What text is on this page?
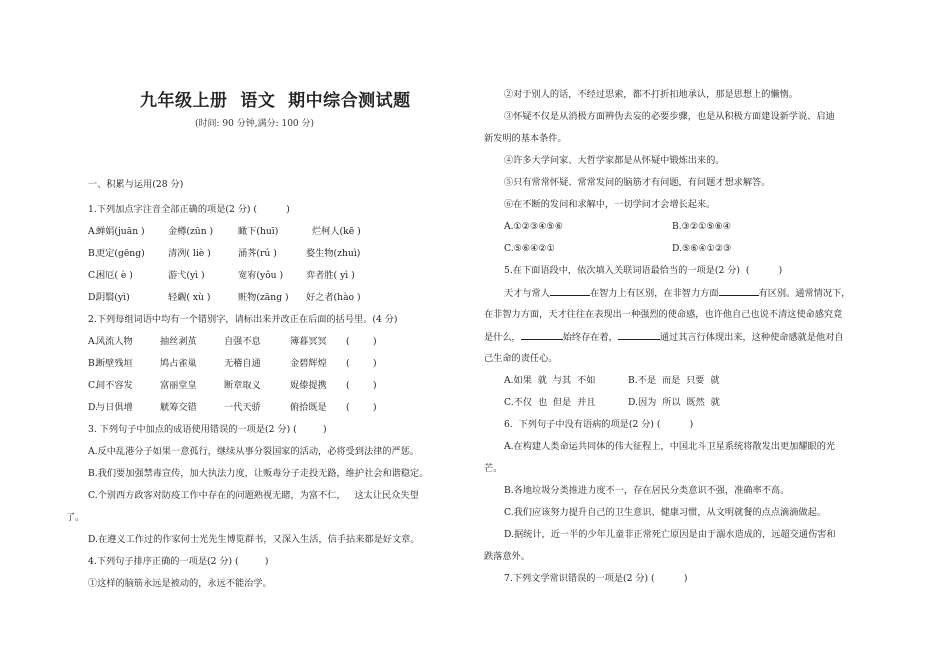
九年级上册  语文  期中综合测试题
(时间: 90 分钟,满分: 100 分)
一、积累与运用(28 分)
1.下列加点字注音全部正确的项是(2 分) (          )
A.
蝉娟(juān )	金樽(zūn )	瞰下(huī)	烂柯人(kē )
B.
更定(gēng)	清冽( liè )	涌荠(rú )	婺生物(zhuì)
C.
困厄( è )	游弋(yì )	宽宥(yǒu ) 弈者胜( yì )
D.
阴翳(yì)	轻觑( xù )	赃物(zāng ) 好之者(hào )
2.下列每组词语中均有一个错别字，请标出来并改正在后面的括号里。(4 分)
A.
风流人物	抽丝剥茧	自强不息	簿暮冥冥 (        )
B.
断壁残垣	鸠占雀巢	无稽自通	金碧辉煌 (        )
C.
间不容发	富丽堂皇	断章取义	娖傣提携 (        )
D.
与日俱增	觥筹交错	一代天骄	俯拾既是 (        )
3. 下列句子中加点的成语使用错误的一项是(2 分) (         )
A.反中乱港分子如果一意孤行，继续从事分裂国家的活动，必将受到法律的严惩。
B.我们要加强禁毒宣传，加大执法力度，让贩毒分子走投无路，维护社会和谐稳定。
C.个别西方政客对防疫工作中存在的问题熟视无睹，为富不仁，   这太让民众失望
了。
D.在遵义工作过的作家何士光先生博览群书，又深入生活，信手拈来都是好文章。
4.下列句子排序正确的一项是(2 分) (         )
①这样的脑筋永远是被动的，永远不能治学。
②对于别人的话，不经过思索，都不打折扣地承认，那是思想上的懒惰。
③怀疑不仅是从消极方面辨伪去妄的必要步骤，也是从积极方面建设新学说、启迪
新发明的基本条件。
④许多大学问家、大哲学家都是从怀疑中锻炼出来的。
⑤只有常常怀疑、常常发问的脑筋才有问题，有问题才想求解答。
⑥在不断的发问和求解中，一切学问才会增长起来。
A.①②③④⑤⑥	B.③②①⑤⑥④
C.⑤⑥④②①	D.⑤⑥④①②③
5.在下面语段中，依次填入关联词语最恰当的一项是(2 分)  (          )
天才与常人	在智力上有区别，在非智力方面	有区别。通常情况下，
在非智力方面，天才往往在表现出一种强烈的使命感，也许他自己也说不清这使命感究竟
是什么，	始终存在着，	通过其言行体现出来，这种使命感就是他对自
己生命的责任心。
A.如果  就  与其  不如	B.不是  而是  只要  就
C.不仅  也  但是  并且	D.因为  所以  既然  就
6.  下列句子中没有语病的项是(2 分) (          )
A.在构建人类命运共同体的伟大征程上，中国北斗卫星系统将散发出更加耀眼的光
芒。
B.各地垃圾分类推进力度不一，存在居民分类意识不强，准确率不高。
C.我们应该努力提升自己的卫生意识、健康习惯，从文明就餐的点点滴滴做起。
D.据统计，近一半的少年儿童非正常死亡原因是由于溺水造成的，远超交通伤害和
跌落意外。
7.下列文学常识错误的一项是(2 分) (          )
